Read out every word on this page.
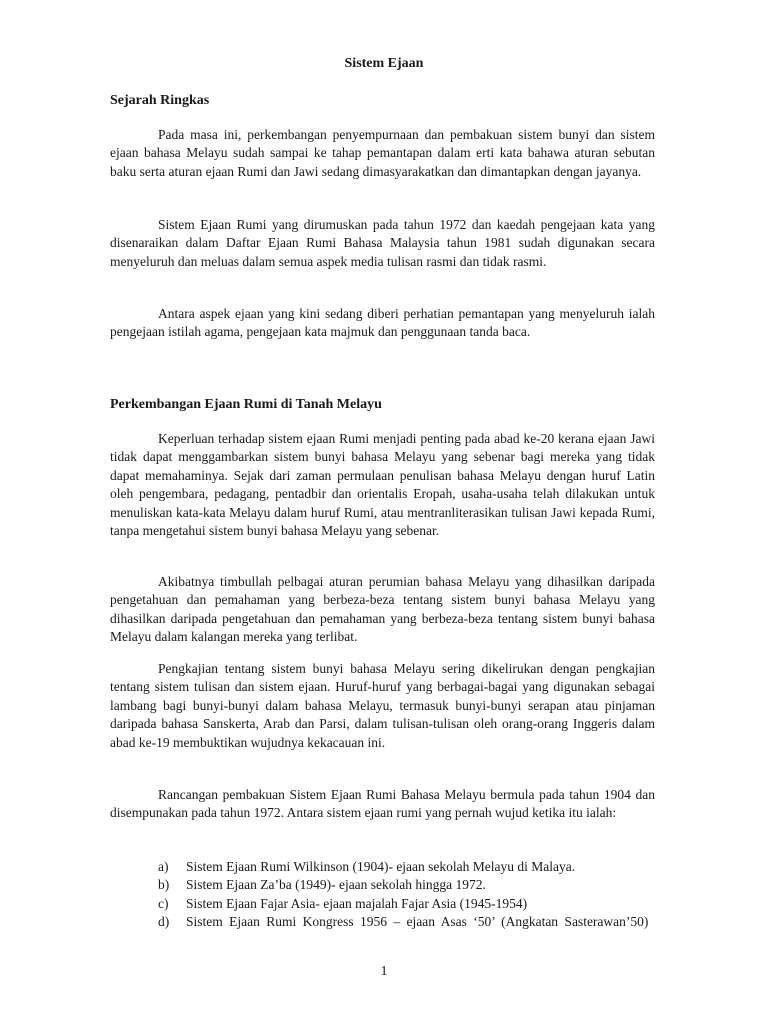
Sistem Ejaan
Sejarah Ringkas

Pada masa ini, perkembangan penyempurnaan dan pembakuan sistem bunyi dan sistem ejaan bahasa Melayu sudah sampai ke tahap pemantapan dalam erti kata bahawa aturan sebutan baku serta aturan ejaan Rumi dan Jawi sedang dimasyarakatkan dan dimantapkan dengan jayanya.

Sistem Ejaan Rumi yang dirumuskan pada tahun 1972 dan kaedah pengejaan kata yang disenaraikan dalam Daftar Ejaan Rumi Bahasa Malaysia tahun 1981 sudah digunakan secara menyeluruh dan meluas dalam semua aspek media tulisan rasmi dan tidak rasmi.

Antara aspek ejaan yang kini sedang diberi perhatian pemantapan yang menyeluruh ialah pengejaan istilah agama, pengejaan kata majmuk dan penggunaan tanda baca.

Perkembangan Ejaan Rumi di Tanah Melayu

Keperluan terhadap sistem ejaan Rumi menjadi penting pada abad ke-20 kerana ejaan Jawi tidak dapat menggambarkan sistem bunyi bahasa Melayu yang sebenar bagi mereka yang tidak dapat memahaminya. Sejak dari zaman permulaan penulisan bahasa Melayu dengan huruf Latin oleh pengembara, pedagang, pentadbir dan orientalis Eropah, usaha-usaha telah dilakukan untuk menuliskan kata-kata Melayu dalam huruf Rumi, atau mentranliterasikan tulisan Jawi kepada Rumi, tanpa mengetahui sistem bunyi bahasa Melayu yang sebenar.

Akibatnya timbullah pelbagai aturan perumian bahasa Melayu yang dihasilkan daripada pengetahuan dan pemahaman yang berbeza-beza tentang sistem bunyi bahasa Melayu yang dihasilkan daripada pengetahuan dan pemahaman yang berbeza-beza tentang sistem bunyi bahasa Melayu dalam kalangan mereka yang terlibat.

Pengkajian tentang sistem bunyi bahasa Melayu sering dikelirukan dengan pengkajian tentang sistem tulisan dan sistem ejaan. Huruf-huruf yang berbagai-bagai yang digunakan sebagai lambang bagi bunyi-bunyi dalam bahasa Melayu, termasuk bunyi-bunyi serapan atau pinjaman daripada bahasa Sanskerta, Arab dan Parsi, dalam tulisan-tulisan oleh orang-orang Inggeris dalam abad ke-19 membuktikan wujudnya kekacauan ini.

Rancangan pembakuan Sistem Ejaan Rumi Bahasa Melayu bermula pada tahun 1904 dan disempunakan pada tahun 1972. Antara sistem ejaan rumi yang pernah wujud ketika itu ialah:

a)	Sistem Ejaan Rumi Wilkinson (1904)- ejaan sekolah Melayu di Malaya.
b)	Sistem Ejaan Za’ba (1949)- ejaan sekolah hingga 1972.
c)	Sistem Ejaan Fajar Asia- ejaan majalah Fajar Asia (1945-1954)
d)	Sistem Ejaan Rumi Kongress 1956 – ejaan Asas ‘50’ (Angkatan Sasterawan’50)
1
